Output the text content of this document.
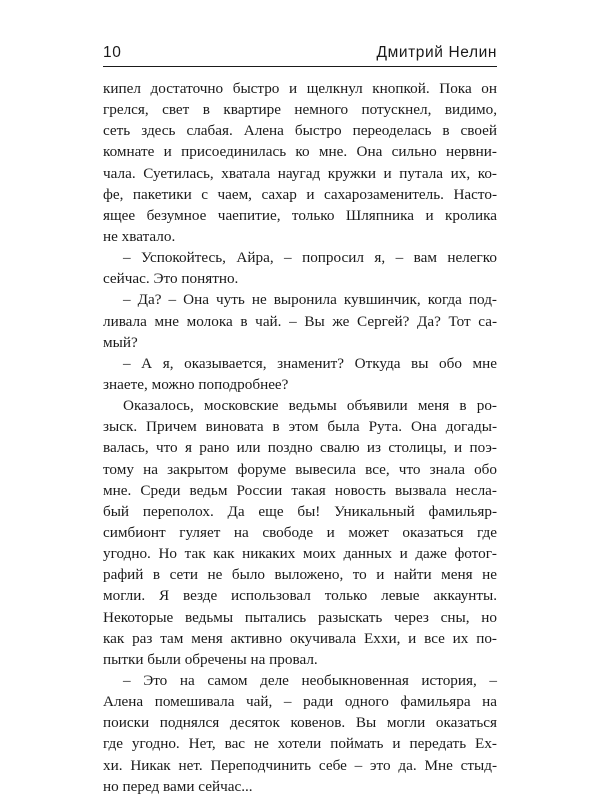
10	Дмитрий Нелин
кипел достаточно быстро и щелкнул кнопкой. Пока он
грелся, свет в квартире немного потускнел, видимо,
сеть здесь слабая. Алена быстро переоделась в своей
комнате и присоединилась ко мне. Она сильно нервни-
чала. Суетилась, хватала наугад кружки и путала их, ко-
фе, пакетики с чаем, сахар и сахарозаменитель. Насто-
ящее безумное чаепитие, только Шляпника и кролика
не хватало.
– Успокойтесь, Айра, – попросил я, – вам нелегко
сейчас. Это понятно.
– Да? – Она чуть не выронила кувшинчик, когда под-
ливала мне молока в чай. – Вы же Сергей? Да? Тот са-
мый?
– А я, оказывается, знаменит? Откуда вы обо мне
знаете, можно поподробнее?
Оказалось, московские ведьмы объявили меня в ро-
зыск. Причем виновата в этом была Рута. Она догады-
валась, что я рано или поздно свалю из столицы, и поэ-
тому на закрытом форуме вывесила все, что знала обо
мне. Среди ведьм России такая новость вызвала несла-
бый переполох. Да еще бы! Уникальный фамильяр-
симбионт гуляет на свободе и может оказаться где
угодно. Но так как никаких моих данных и даже фотог-
рафий в сети не было выложено, то и найти меня не
могли. Я везде использовал только левые аккаунты.
Некоторые ведьмы пытались разыскать через сны, но
как раз там меня активно окучивала Еххи, и все их по-
пытки были обречены на провал.
– Это на самом деле необыкновенная история, –
Алена помешивала чай, – ради одного фамильяра на
поиски поднялся десяток ковенов. Вы могли оказаться
где угодно. Нет, вас не хотели поймать и передать Ех-
хи. Никак нет. Переподчинить себе – это да. Мне стыд-
но перед вами сейчас...
